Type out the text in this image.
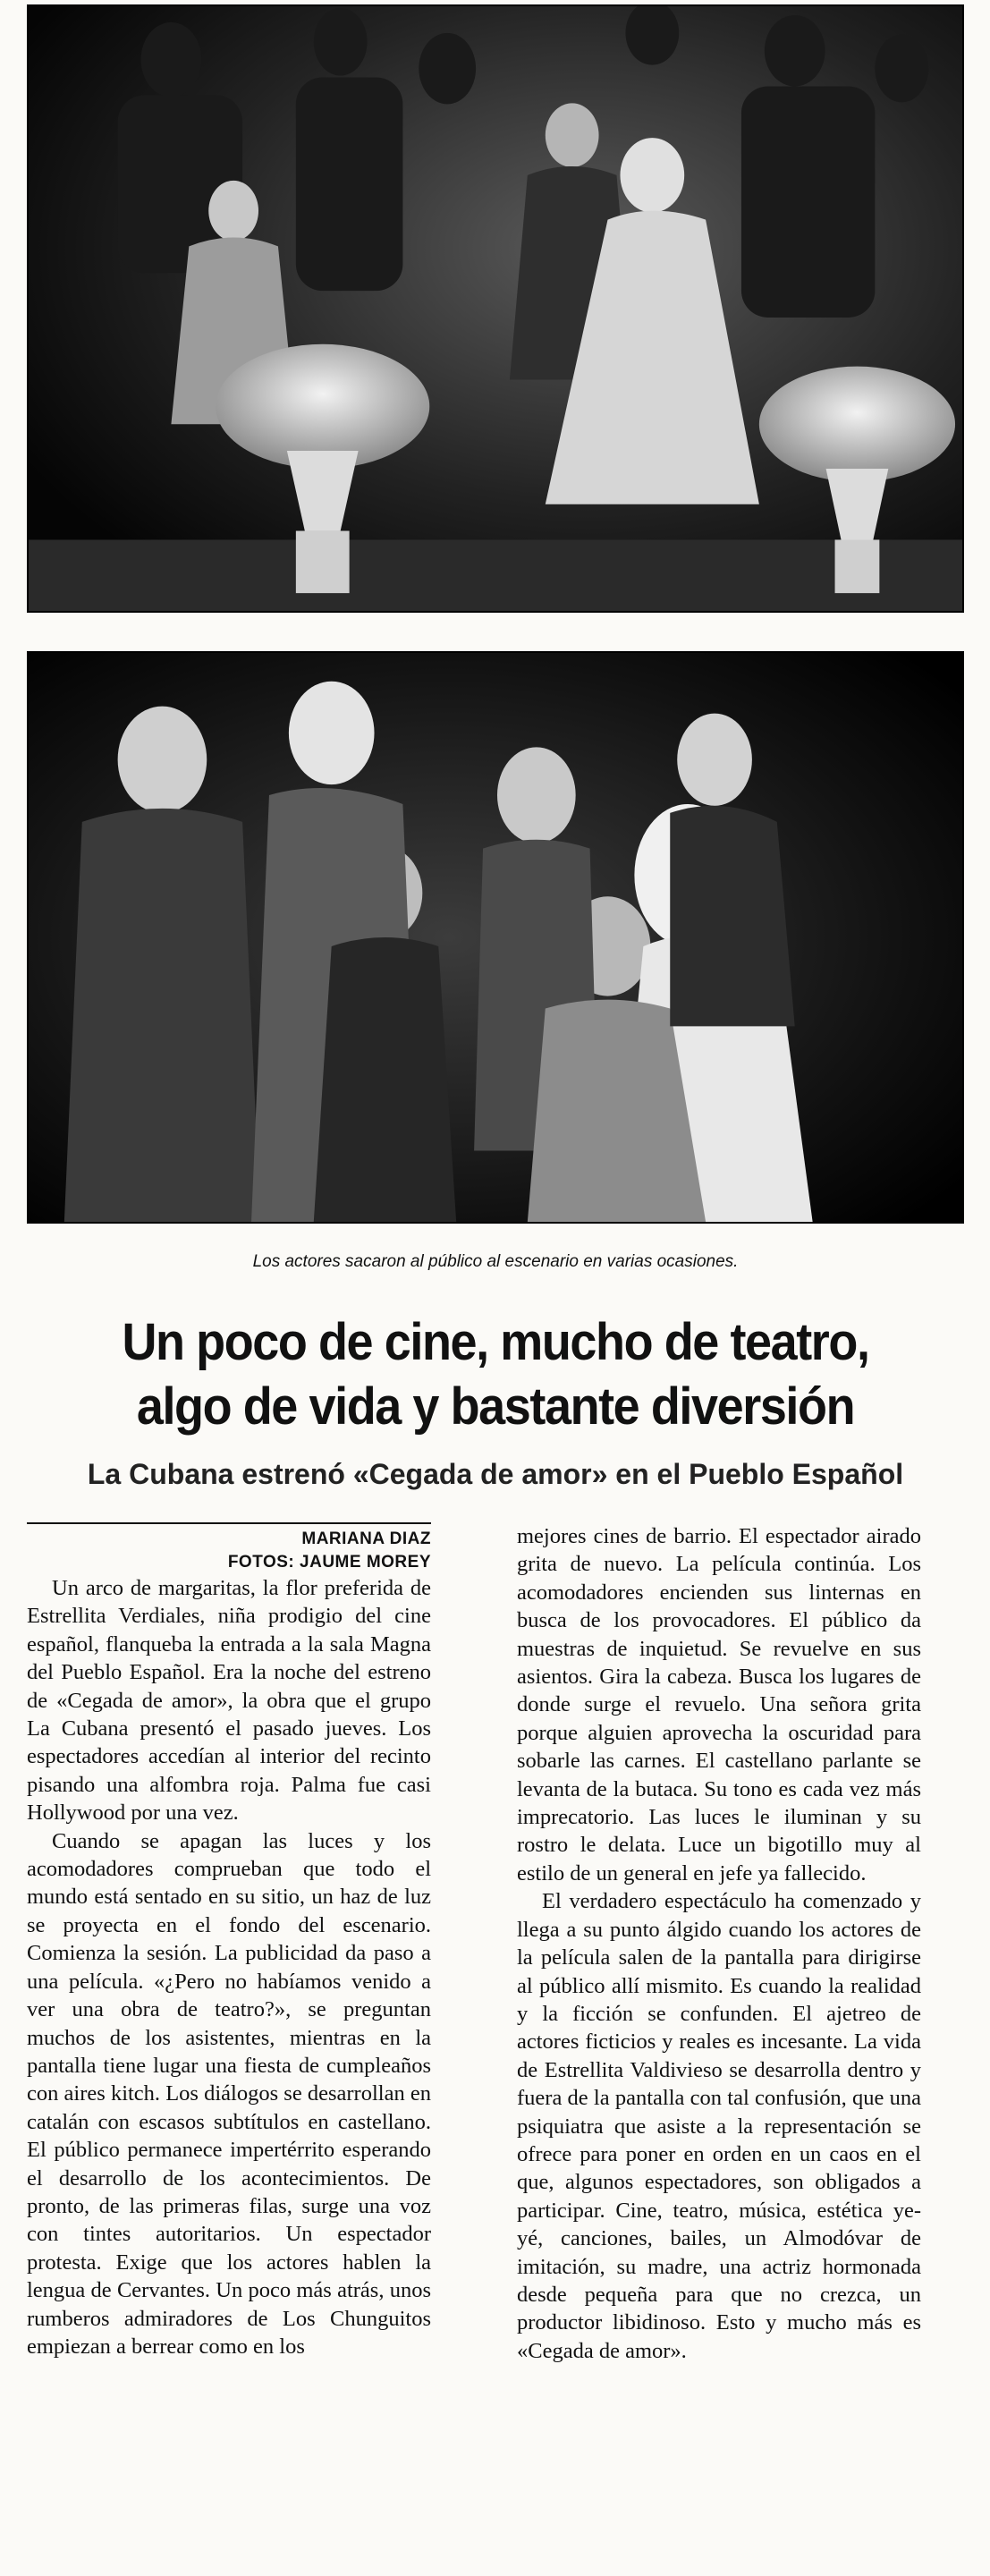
Los actores sacaron al público al escenario en varias ocasiones.
Un poco de cine, mucho de teatro,
algo de vida y bastante diversión
La Cubana estrenó «Cegada de amor» en el Pueblo Español
MARIANA DIAZ
FOTOS: JAUME MOREY

Un arco de margaritas, la flor preferida de Estrellita Verdiales, niña prodigio del cine español, flanqueba la entrada a la sala Magna del Pueblo Español. Era la noche del estreno de «Cegada de amor», la obra que el grupo La Cubana presentó el pasado jueves. Los espectadores accedían al interior del recinto pisando una alfombra roja. Palma fue casi Hollywood por una vez.

Cuando se apagan las luces y los acomodadores comprueban que todo el mundo está sentado en su sitio, un haz de luz se proyecta en el fondo del escenario. Comienza la sesión. La publicidad da paso a una película. «¿Pero no habíamos venido a ver una obra de teatro?», se preguntan muchos de los asistentes, mientras en la pantalla tiene lugar una fiesta de cumpleaños con aires kitch. Los diálogos se desarrollan en catalán con escasos subtítulos en castellano. El público permanece impertérrito esperando el desarrollo de los acontecimientos. De pronto, de las primeras filas, surge una voz con tintes autoritarios. Un espectador protesta. Exige que los actores hablen la lengua de Cervantes. Un poco más atrás, unos rumberos admiradores de Los Chunguitos empiezan a berrear como en los

mejores cines de barrio. El espectador airado grita de nuevo. La película continúa. Los acomodadores encienden sus linternas en busca de los provocadores. El público da muestras de inquietud. Se revuelve en sus asientos. Gira la cabeza. Busca los lugares de donde surge el revuelo. Una señora grita porque alguien aprovecha la oscuridad para sobarle las carnes. El castellano parlante se levanta de la butaca. Su tono es cada vez más imprecatorio. Las luces le iluminan y su rostro le delata. Luce un bigotillo muy al estilo de un general en jefe ya fallecido.

El verdadero espectáculo ha comenzado y llega a su punto álgido cuando los actores de la película salen de la pantalla para dirigirse al público allí mismito. Es cuando la realidad y la ficción se confunden. El ajetreo de actores ficticios y reales es incesante. La vida de Estrellita Valdivieso se desarrolla dentro y fuera de la pantalla con tal confusión, que una psiquiatra que asiste a la representación se ofrece para poner en orden en un caos en el que, algunos espectadores, son obligados a participar. Cine, teatro, música, estética ye-yé, canciones, bailes, un Almodóvar de imitación, su madre, una actriz hormonada desde pequeña para que no crezca, un productor libidinoso. Esto y mucho más es «Cegada de amor».
